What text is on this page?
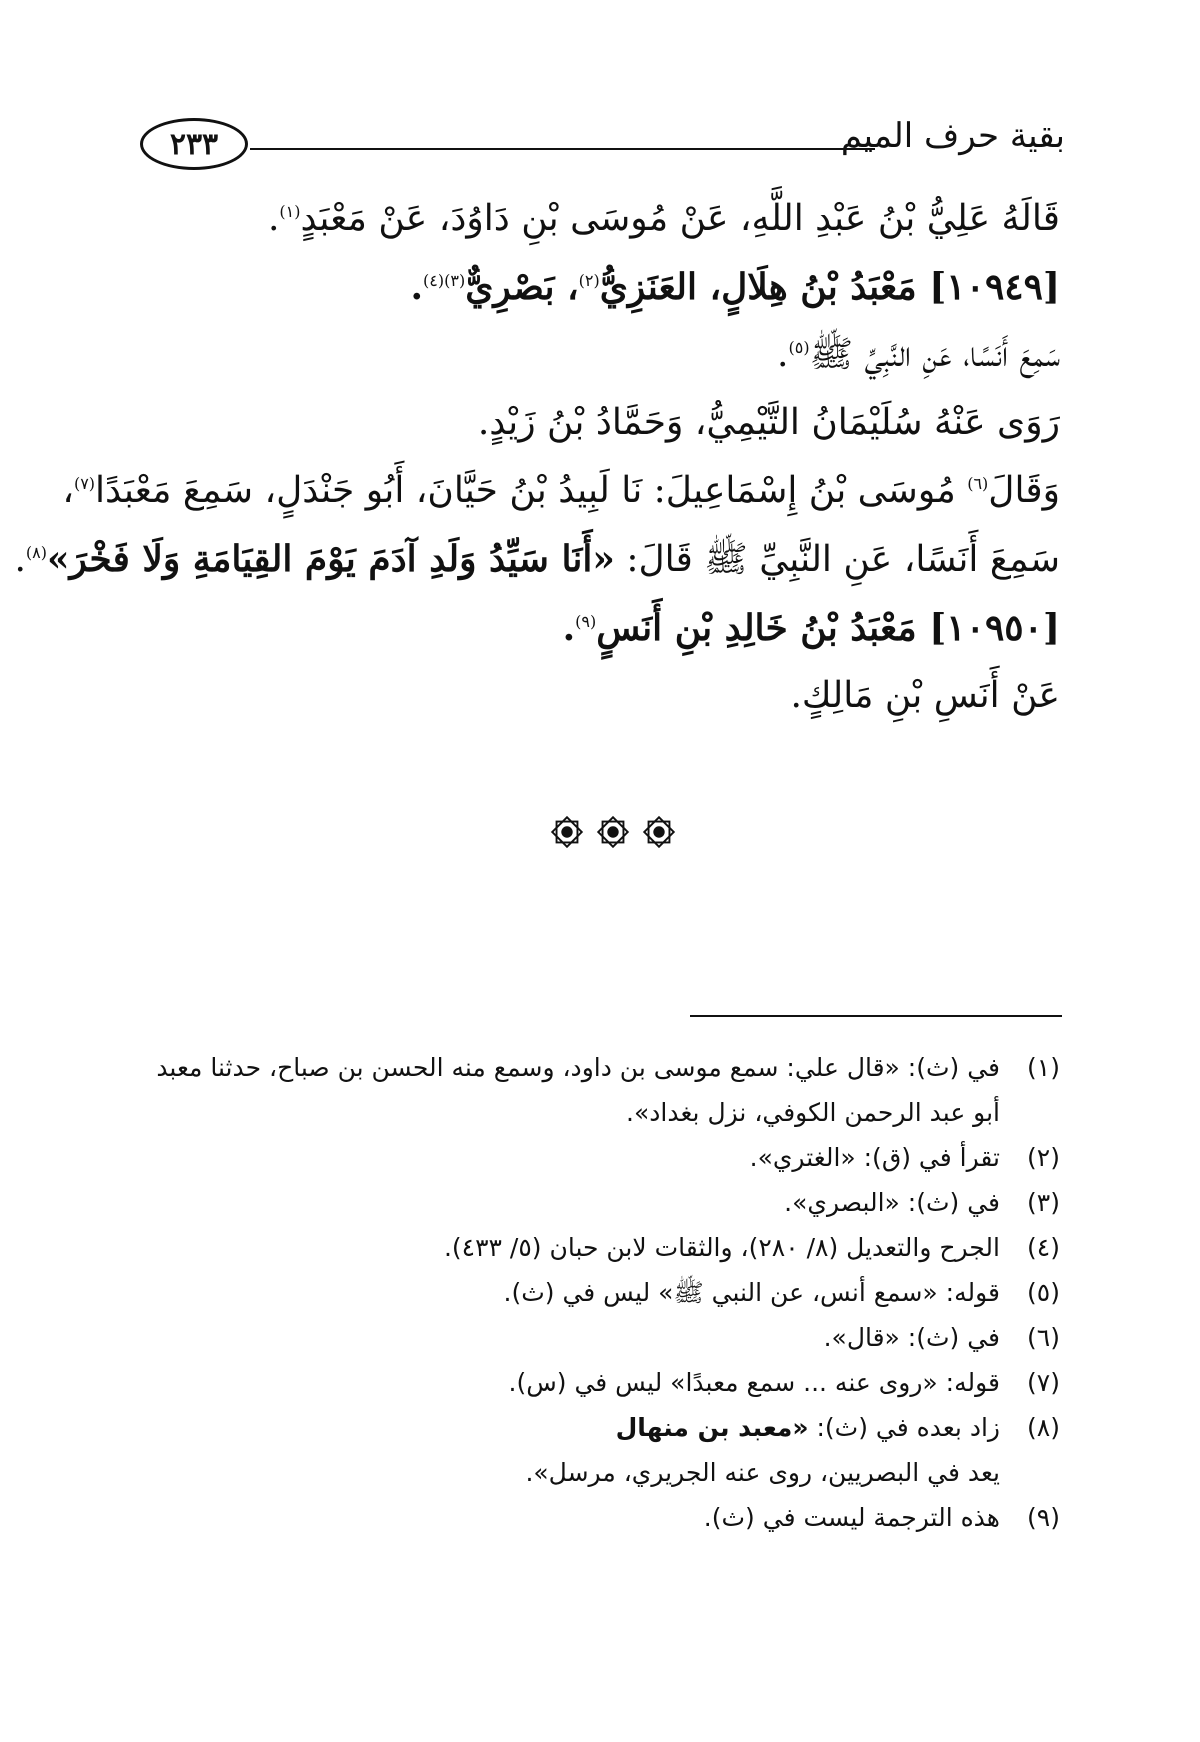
بقية حرف الميم
٢٣٣
قَالَهُ عَلِيُّ بْنُ عَبْدِ اللَّهِ، عَنْ مُوسَى بْنِ دَاوُدَ، عَنْ مَعْبَدٍ$^{(١)}$.
[١٠٩٤٩] مَعْبَدُ بْنُ هِلَالٍ، العَنَزِيُّ$^{(٢)}$، بَصْرِيٌّ$^{(٣)(٤)}$.
سَمِعَ أَنَسًا، عَنِ النَّبِيِّ ﷺ$^{(٥)}$.
رَوَى عَنْهُ سُلَيْمَانُ التَّيْمِيُّ، وَحَمَّادُ بْنُ زَيْدٍ.
وَقَالَ$^{(٦)}$ مُوسَى بْنُ إِسْمَاعِيلَ: نَا لَبِيدُ بْنُ حَيَّانَ، أَبُو جَنْدَلٍ، سَمِعَ مَعْبَدًا$^{(٧)}$،
سَمِعَ أَنَسًا، عَنِ النَّبِيِّ ﷺ قَالَ: «أَنَا سَيِّدُ وَلَدِ آدَمَ يَوْمَ القِيَامَةِ وَلَا فَخْرَ»$^{(٨)}$.
[١٠٩٥٠] مَعْبَدُ بْنُ خَالِدِ بْنِ أَنَسٍ$^{(٩)}$.
عَنْ أَنَسِ بْنِ مَالِكٍ.
(١)
في (ث): «قال علي: سمع موسى بن داود، وسمع منه الحسن بن صباح، حدثنا معبد أبو عبد الرحمن الكوفي، نزل بغداد».
(٢)
تقرأ في (ق): «الغتري».
(٣)
في (ث): «البصري».
(٤)
الجرح والتعديل (٨/ ٢٨٠)، والثقات لابن حبان (٥/ ٤٣٣).
(٥)
قوله: «سمع أنس، عن النبي ﷺ» ليس في (ث).
(٦)
في (ث): «قال».
(٧)
قوله: «روى عنه ... سمع معبدًا» ليس في (س).
(٨)
زاد بعده في (ث): «معبد بن منهال
يعد في البصريين، روى عنه الجريري، مرسل».
(٩)
هذه الترجمة ليست في (ث).
